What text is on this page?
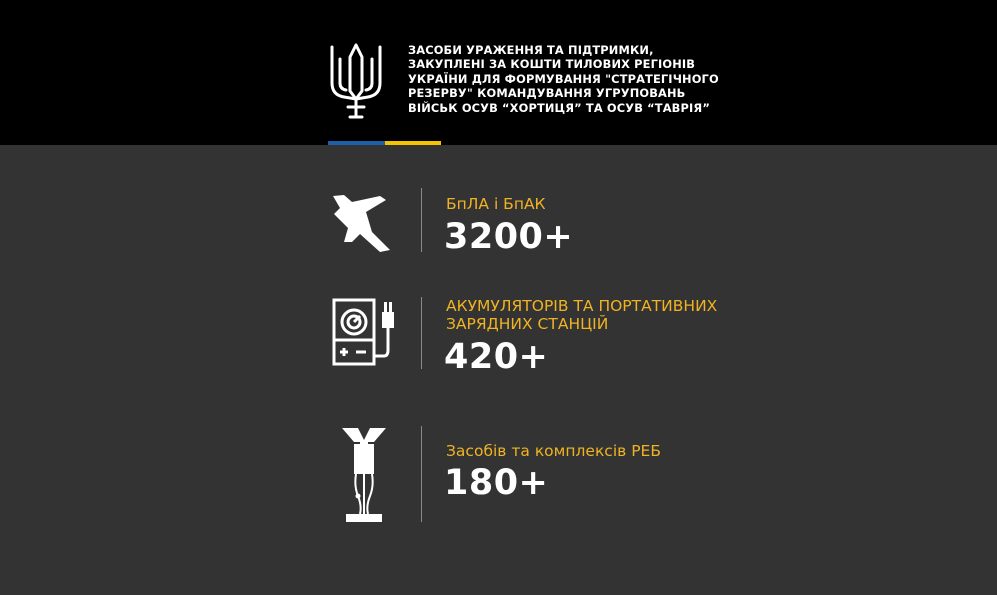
ЗАСОБИ УРАЖЕННЯ ТА ПІДТРИМКИ,
ЗАКУПЛЕНІ ЗА КОШТИ ТИЛОВИХ РЕГІОНІВ
УКРАЇНИ ДЛЯ ФОРМУВАННЯ "СТРАТЕГІЧНОГО
РЕЗЕРВУ" КОМАНДУВАННЯ УГРУПОВАНЬ
ВІЙСЬК ОСУВ “ХОРТИЦЯ” ТА ОСУВ “ТАВРІЯ”
БпЛА і БпАК
3200+
АКУМУЛЯТОРІВ ТА ПОРТАТИВНИХ
ЗАРЯДНИХ СТАНЦІЙ
420+
Засобів та комплексів РЕБ
180+
